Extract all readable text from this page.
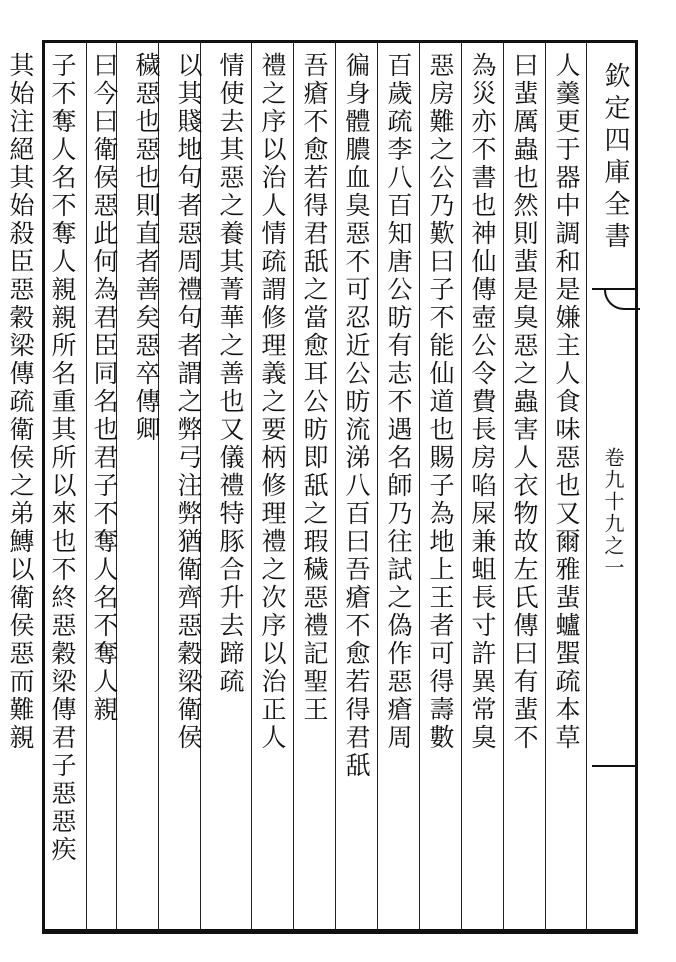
欽定四庫全書
卷九十九之一
人羹更于器中調和是嫌主人食味惡也又爾雅蜚蠦蜰疏本草
曰蜚厲蟲也然則蜚是臭惡之蟲害人衣物故左氏傳曰有蜚不
為災亦不書也神仙傳壺公令費長房啗屎兼蛆長寸許異常臭
惡房難之公乃歎曰子不能仙道也賜子為地上王者可得壽數
百歲疏李八百知唐公昉有志不遇名師乃往試之偽作惡瘡周
徧身體膿血臭惡不可忍近公昉流涕八百曰吾瘡不愈若得君舐
吾瘡不愈若得君舐之當愈耳公昉即舐之瑕穢惡禮記聖王
禮之序以治人情疏謂修理義之要柄修理禮之次序以治正人
情使去其惡之養其菁華之善也又儀禮特豚合升去蹄疏
以其賤地句者惡周禮句者謂之弊弓注弊猶衛齊惡穀梁衛侯
穢惡也惡也則直者善矣惡卒傳卿
曰今曰衛侯惡此何為君臣同名也君子不奪人名不奪人親
子不奪人名不奪人親親所名重其所以來也不終惡穀梁傳君子惡惡疾
其始注絕其始殺臣惡穀梁傳疏衛侯之弟鱄以衛侯惡而難親
